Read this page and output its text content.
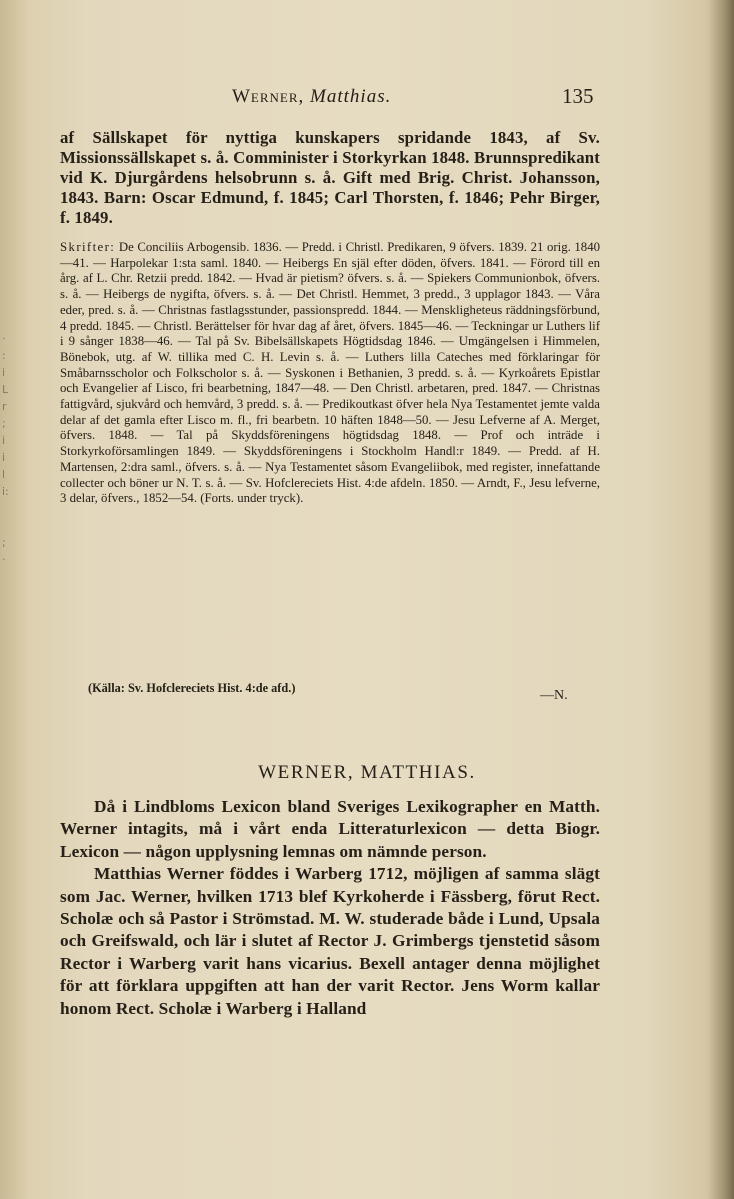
·
:
i
L
r
;
i
i
l
i:

;
·
Werner, Matthias.	135

af Sällskapet för nyttiga kunskapers spridande 1843, af Sv. Missionssällskapet s. å. Comminister i Storkyrkan 1848. Brunnspredikant vid K. Djurgårdens helsobrunn s. å. Gift med Brig. Christ. Johansson, 1843. Barn: Oscar Edmund, f. 1845; Carl Thorsten, f. 1846; Pehr Birger, f. 1849.

Skrifter: De Conciliis Arbogensib. 1836. — Predd. i Christl. Predikaren, 9 öfvers. 1839. 21 orig. 1840—41. — Harpolekar 1:sta saml. 1840. — Heibergs En själ efter döden, öfvers. 1841. — Förord till en årg. af L. Chr. Retzii predd. 1842. — Hvad är pietism? öfvers. s. å. — Spiekers Communionbok, öfvers. s. å. — Heibergs de nygifta, öfvers. s. å. — Det Christl. Hemmet, 3 predd., 3 upplagor 1843. — Våra eder, pred. s. å. — Christnas fastlagsstunder, passionspredd. 1844. — Menskligheteus räddningsförbund, 4 predd. 1845. — Christl. Berättelser för hvar dag af året, öfvers. 1845—46. — Teckningar ur Luthers lif i 9 sånger 1838—46. — Tal på Sv. Bibelsällskapets Högtidsdag 1846. — Umgängelsen i Himmelen, Bönebok, utg. af W. tillika med C. H. Levin s. å. — Luthers lilla Cateches med förklaringar för Småbarnsscholor och Folkscholor s. å. — Syskonen i Bethanien, 3 predd. s. å. — Kyrkoårets Epistlar och Evangelier af Lisco, fri bearbetning, 1847—48. — Den Christl. arbetaren, pred. 1847. — Christnas fattigvård, sjukvård och hemvård, 3 predd. s. å. — Predikoutkast öfver hela Nya Testamentet jemte valda delar af det gamla efter Lisco m. fl., fri bearbetn. 10 häften 1848—50. — Jesu Lefverne af A. Merget, öfvers. 1848. — Tal på Skyddsföreningens högtidsdag 1848. — Prof och inträde i Storkyrkoförsamlingen 1849. — Skyddsföreningens i Stockholm Handl:r 1849. — Predd. af H. Martensen, 2:dra saml., öfvers. s. å. — Nya Testamentet såsom Evangeliibok, med register, innefattande collecter och böner ur N. T. s. å. — Sv. Hofclereciets Hist. 4:de afdeln. 1850. — Arndt, F., Jesu lefverne, 3 delar, öfvers., 1852—54. (Forts. under tryck).
(Källa: Sv. Hofclereciets Hist. 4:de afd.)	—N.
WERNER, MATTHIAS.

Då i Lindbloms Lexicon bland Sveriges Lexikographer en Matth. Werner intagits, må i vårt enda Litteraturlexicon — detta Biogr. Lexicon — någon upplysning lemnas om nämnde person.

Matthias Werner föddes i Warberg 1712, möjligen af samma slägt som Jac. Werner, hvilken 1713 blef Kyrkoherde i Fässberg, förut Rect. Scholæ och så Pastor i Strömstad. M. W. studerade både i Lund, Upsala och Greifswald, och lär i slutet af Rector J. Grimbergs tjenstetid såsom Rector i Warberg varit hans vicarius. Bexell antager denna möjlighet för att förklara uppgiften att han der varit Rector. Jens Worm kallar honom Rect. Scholæ i Warberg i Halland
